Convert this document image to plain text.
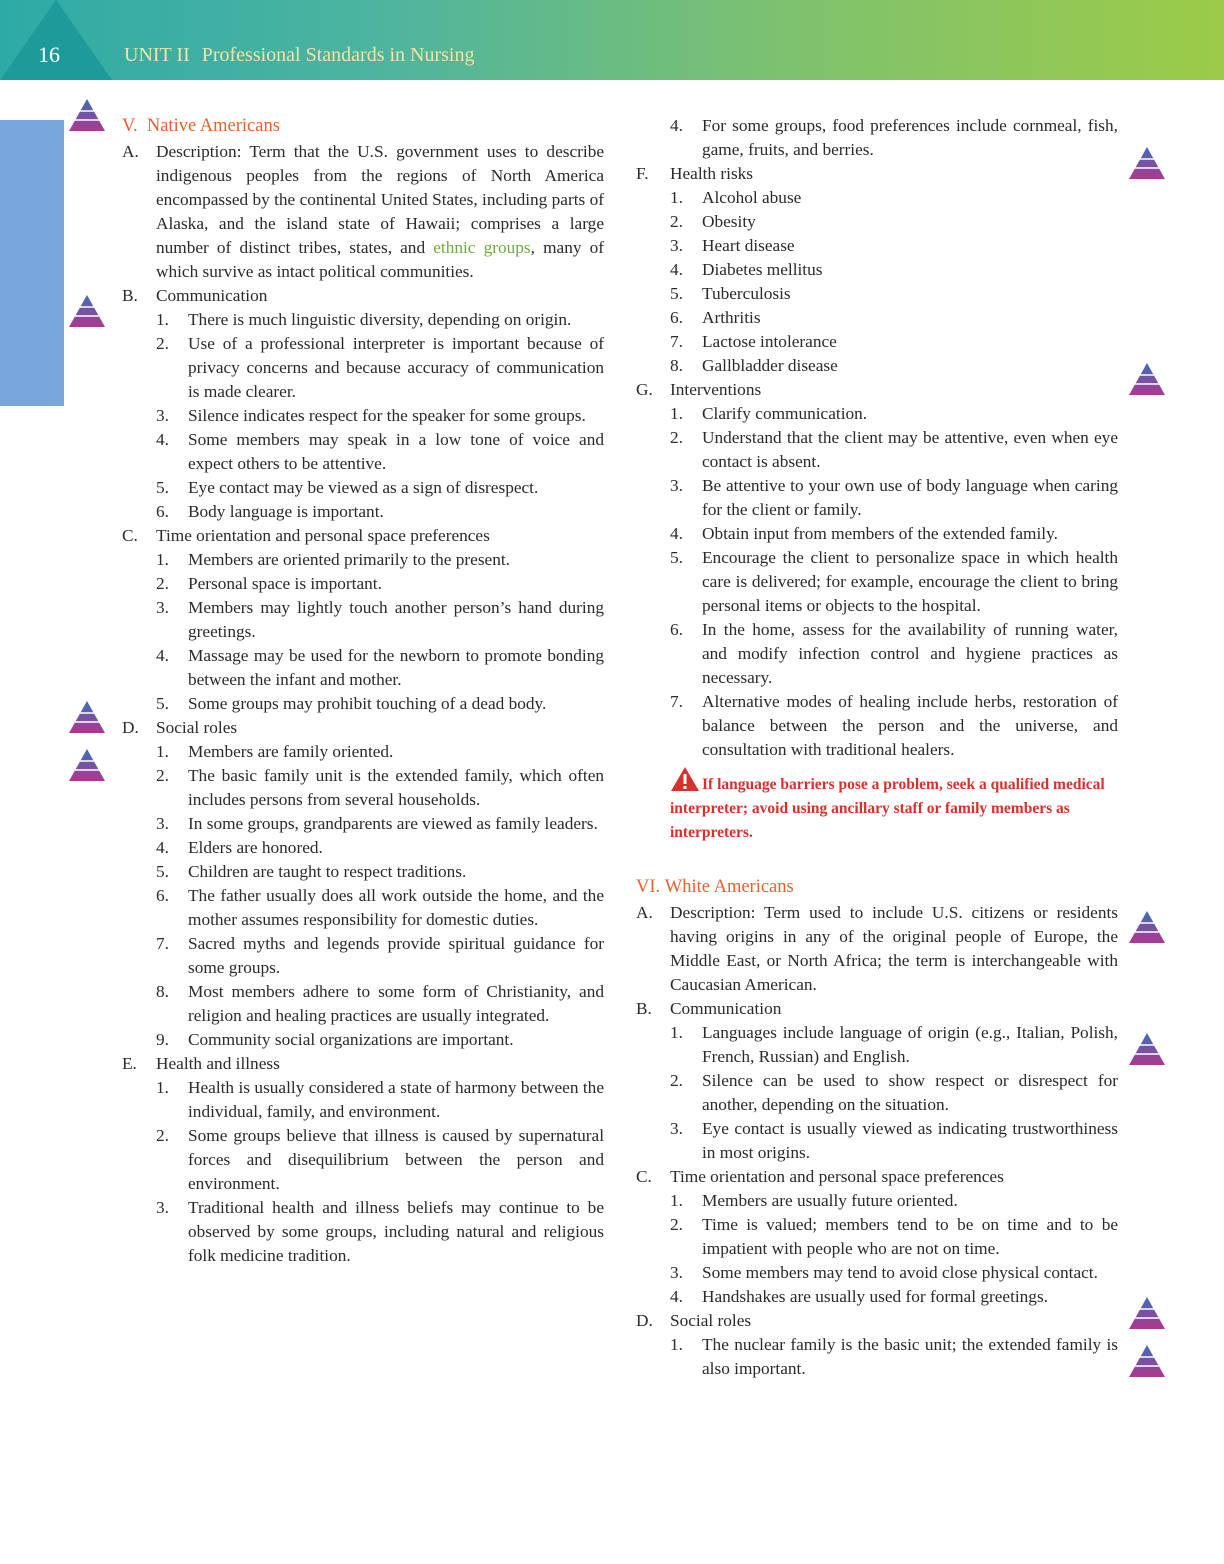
16	UNIT II Professional Standards in Nursing
V. Native Americans
A. Description: Term that the U.S. government uses to describe indigenous peoples from the regions of North America encompassed by the continental United States, including parts of Alaska, and the island state of Hawaii; comprises a large number of distinct tribes, states, and ethnic groups, many of which survive as intact political communities.
B. Communication
1. There is much linguistic diversity, depending on origin.
2. Use of a professional interpreter is important because of privacy concerns and because accuracy of communication is made clearer.
3. Silence indicates respect for the speaker for some groups.
4. Some members may speak in a low tone of voice and expect others to be attentive.
5. Eye contact may be viewed as a sign of disrespect.
6. Body language is important.
C. Time orientation and personal space preferences
1. Members are oriented primarily to the present.
2. Personal space is important.
3. Members may lightly touch another person’s hand during greetings.
4. Massage may be used for the newborn to promote bonding between the infant and mother.
5. Some groups may prohibit touching of a dead body.
D. Social roles
1. Members are family oriented.
2. The basic family unit is the extended family, which often includes persons from several households.
3. In some groups, grandparents are viewed as family leaders.
4. Elders are honored.
5. Children are taught to respect traditions.
6. The father usually does all work outside the home, and the mother assumes responsibility for domestic duties.
7. Sacred myths and legends provide spiritual guidance for some groups.
8. Most members adhere to some form of Christianity, and religion and healing practices are usually integrated.
9. Community social organizations are important.
E. Health and illness
1. Health is usually considered a state of harmony between the individual, family, and environment.
2. Some groups believe that illness is caused by supernatural forces and disequilibrium between the person and environment.
3. Traditional health and illness beliefs may continue to be observed by some groups, including natural and religious folk medicine tradition.
4. For some groups, food preferences include cornmeal, fish, game, fruits, and berries.
F. Health risks
1. Alcohol abuse
2. Obesity
3. Heart disease
4. Diabetes mellitus
5. Tuberculosis
6. Arthritis
7. Lactose intolerance
8. Gallbladder disease
G. Interventions
1. Clarify communication.
2. Understand that the client may be attentive, even when eye contact is absent.
3. Be attentive to your own use of body language when caring for the client or family.
4. Obtain input from members of the extended family.
5. Encourage the client to personalize space in which health care is delivered; for example, encourage the client to bring personal items or objects to the hospital.
6. In the home, assess for the availability of running water, and modify infection control and hygiene practices as necessary.
7. Alternative modes of healing include herbs, restoration of balance between the person and the universe, and consultation with traditional healers.
If language barriers pose a problem, seek a qualified medical interpreter; avoid using ancillary staff or family members as interpreters.
VI. White Americans
A. Description: Term used to include U.S. citizens or residents having origins in any of the original people of Europe, the Middle East, or North Africa; the term is interchangeable with Caucasian American.
B. Communication
1. Languages include language of origin (e.g., Italian, Polish, French, Russian) and English.
2. Silence can be used to show respect or disrespect for another, depending on the situation.
3. Eye contact is usually viewed as indicating trustworthiness in most origins.
C. Time orientation and personal space preferences
1. Members are usually future oriented.
2. Time is valued; members tend to be on time and to be impatient with people who are not on time.
3. Some members may tend to avoid close physical contact.
4. Handshakes are usually used for formal greetings.
D. Social roles
1. The nuclear family is the basic unit; the extended family is also important.
